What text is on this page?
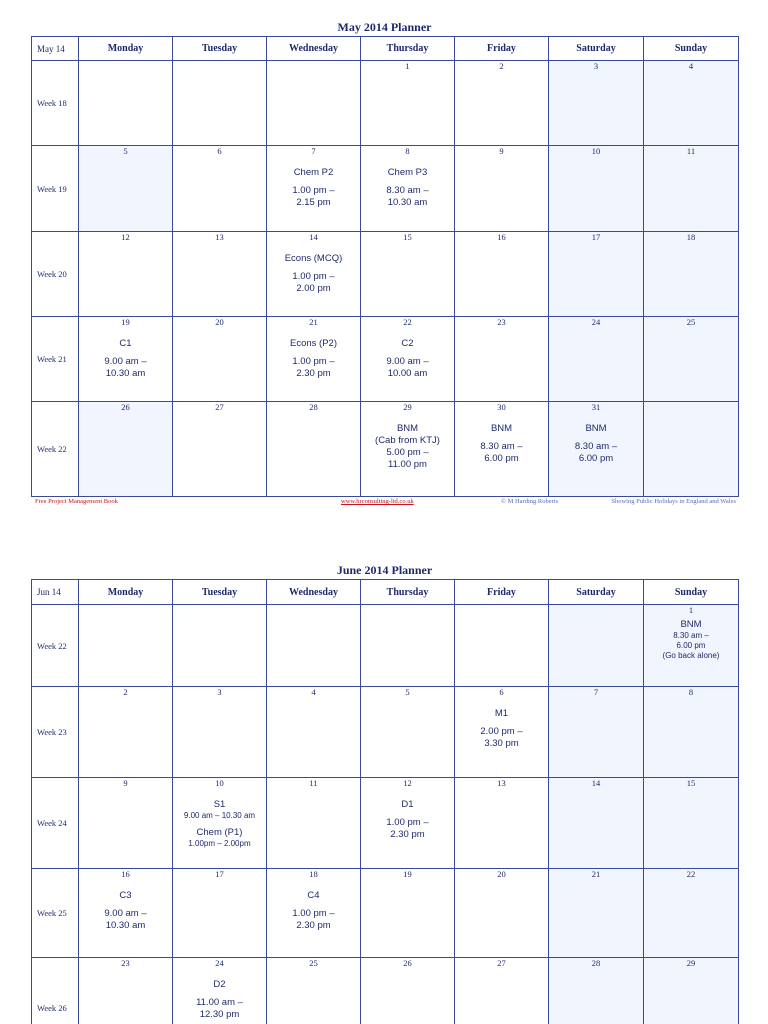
May 2014 Planner
May 14	Monday	Tuesday	Wednesday	Thursday	Friday	Saturday	Sunday
Week 18				1	2	3	4

Week 19	5	6	7
Chem P2
1.00 pm –
2.15 pm	8
Chem P3
8.30 am –
10.30 am	9	10	11

Week 20	12	13	14
Econs (MCQ)
1.00 pm –
2.00 pm	15	16	17	18

Week 21	19
C1
9.00 am –
10.30 am	20	21
Econs (P2)
1.00 pm –
2.30 pm	22
C2
9.00 am –
10.00 am	23	24	25

Week 22	26	27	28	29
BNM
(Cab from KTJ)
5.00 pm –
11.00 pm	30
BNM
8.30 am –
6.00 pm	31
BNM
8.30 am –
6.00 pm	

Free Project Management Book	www.hrconsulting-ltd.co.uk	© M Harding Roberts	Showing Public Holidays in England and Wales
June 2014 Planner
Jun 14	Monday	Tuesday	Wednesday	Thursday	Friday	Saturday	Sunday
Week 22							1
BNM
8.30 am –
6.00 pm
(Go back alone)

Week 23	2	3	4	5	6
M1
2.00 pm –
3.30 pm	7	8

Week 24	9	10
S1
9.00 am – 10.30 am
Chem (P1)
1.00pm – 2.00pm	11	12
D1
1.00 pm –
2.30 pm	13	14	15

Week 25	16
C3
9.00 am –
10.30 am	17	18
C4
1.00 pm –
2.30 pm	19	20	21	22

Week 26	23	24
D2
11.00 am –
12.30 pm	25	26	27	28	29
